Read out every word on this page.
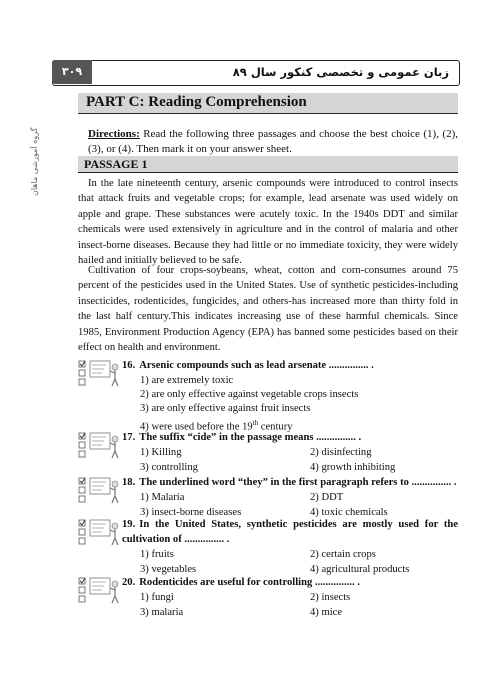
زبان عمومی و تخصصی کنکور سال ۸۹
۳۰۹
گروه آموزشی ماهان
PART C: Reading Comprehension
Directions: Read the following three passages and choose the best choice (1), (2), (3), or (4). Then mark it on your answer sheet.
PASSAGE 1
In the late nineteenth century, arsenic compounds were introduced to control insects that attack fruits and vegetable crops; for example, lead arsenate was used widely on apple and grape. These substances were acutely toxic. In the 1940s DDT and similar chemicals were used extensively in agriculture and in the control of malaria and other insect-borne diseases. Because they had little or no immediate toxicity, they were widely hailed and initially believed to be safe.
Cultivation of four crops-soybeans, wheat, cotton and corn-consumes around 75 percent of the pesticides used in the United States. Use of synthetic pesticides-including insecticides, rodenticides, fungicides, and others-has increased more than thirty fold in the last half century.This indicates increasing use of these harmful chemicals. Since 1985, Environment Production Agency (EPA) has banned some pesticides based on their effect on health and environment.
16. Arsenic compounds such as lead arsenate ............... .
1) are extremely toxic
2) are only effective against vegetable crops insects
3) are only effective against fruit insects
4) were used before the 19th century
17. The suffix “cide” in the passage means ............... .
1) Killing	2) disinfecting
3) controlling	4) growth inhibiting
18. The underlined word “they” in the first paragraph refers to ............... .
1) Malaria	2) DDT
3) insect-borne diseases	4) toxic chemicals
19. In the United States, synthetic pesticides are mostly used for the cultivation of ............... .
1) fruits	2) certain crops
3) vegetables	4) agricultural products
20. Rodenticides are useful for controlling ............... .
1) fungi	2) insects
3) malaria	4) mice
